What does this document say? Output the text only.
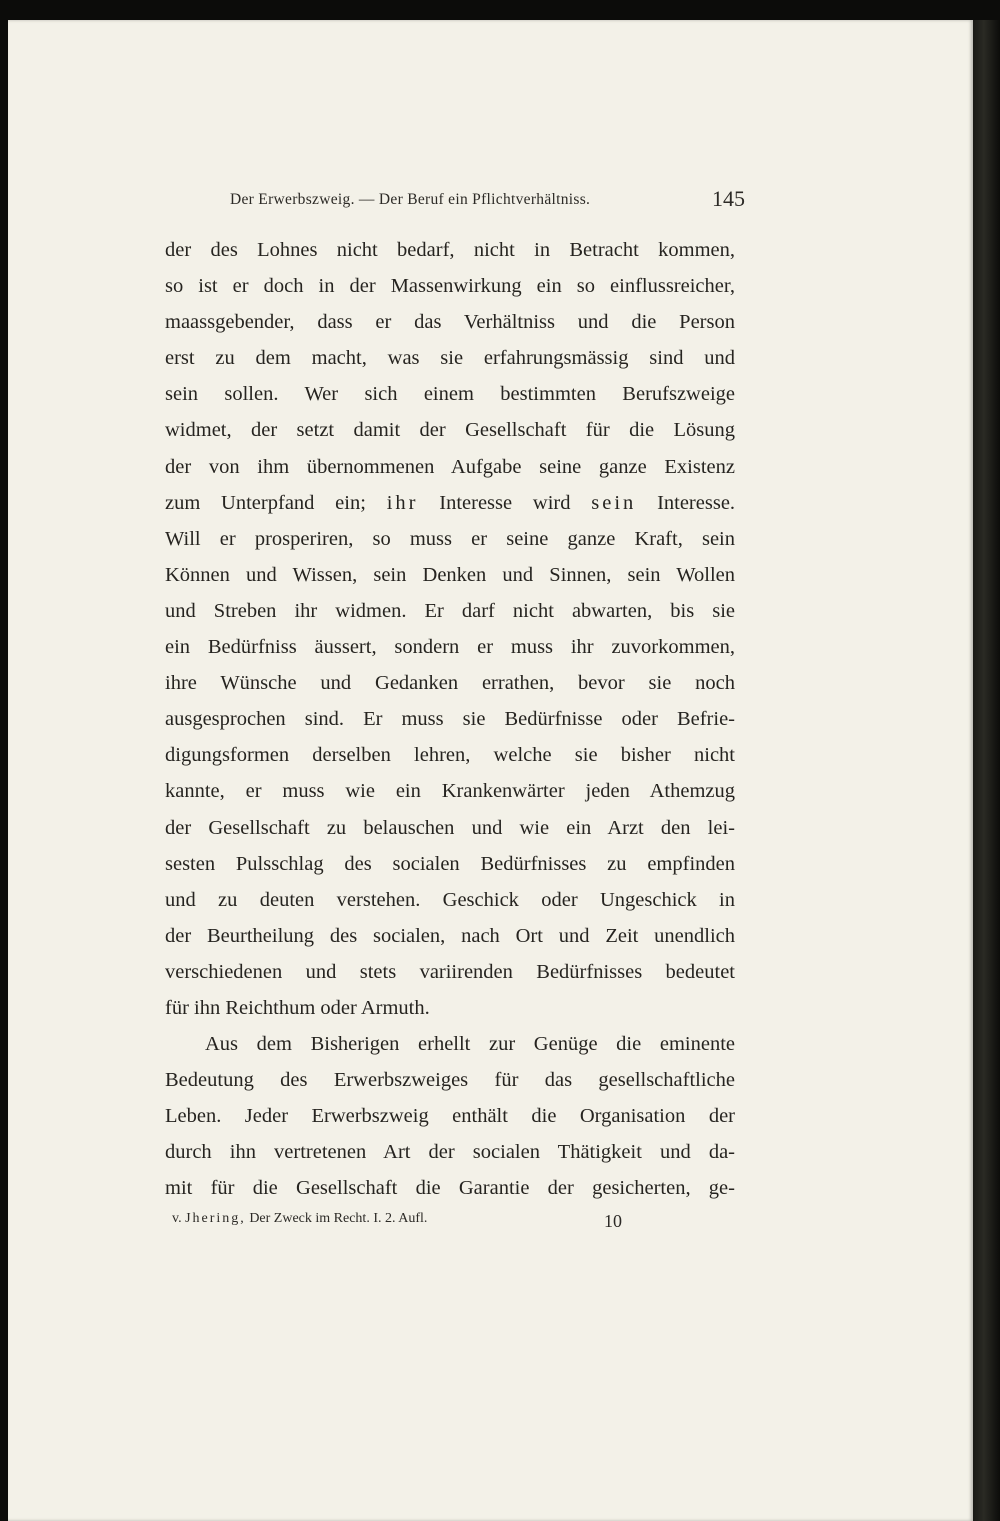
Der Erwerbszweig. — Der Beruf ein Pflichtverhältniss.	145
der des Lohnes nicht bedarf, nicht in Betracht kommen,
so ist er doch in der Massenwirkung ein so einflussreicher,
maassgebender, dass er das Verhältniss und die Person
erst zu dem macht, was sie erfahrungsmässig sind und
sein sollen. Wer sich einem bestimmten Berufszweige
widmet, der setzt damit der Gesellschaft für die Lösung
der von ihm übernommenen Aufgabe seine ganze Existenz
zum Unterpfand ein; ihr Interesse wird sein Interesse.
Will er prosperiren, so muss er seine ganze Kraft, sein
Können und Wissen, sein Denken und Sinnen, sein Wollen
und Streben ihr widmen. Er darf nicht abwarten, bis sie
ein Bedürfniss äussert, sondern er muss ihr zuvorkommen,
ihre Wünsche und Gedanken errathen, bevor sie noch
ausgesprochen sind. Er muss sie Bedürfnisse oder Befrie-
digungsformen derselben lehren, welche sie bisher nicht
kannte, er muss wie ein Krankenwärter jeden Athemzug
der Gesellschaft zu belauschen und wie ein Arzt den lei-
sesten Pulsschlag des socialen Bedürfnisses zu empfinden
und zu deuten verstehen. Geschick oder Ungeschick in
der Beurtheilung des socialen, nach Ort und Zeit unendlich
verschiedenen und stets variirenden Bedürfnisses bedeutet
für ihn Reichthum oder Armuth.
Aus dem Bisherigen erhellt zur Genüge die eminente
Bedeutung des Erwerbszweiges für das gesellschaftliche
Leben. Jeder Erwerbszweig enthält die Organisation der
durch ihn vertretenen Art der socialen Thätigkeit und da-
mit für die Gesellschaft die Garantie der gesicherten, ge-
v. Jhering, Der Zweck im Recht. I. 2. Aufl.	10
